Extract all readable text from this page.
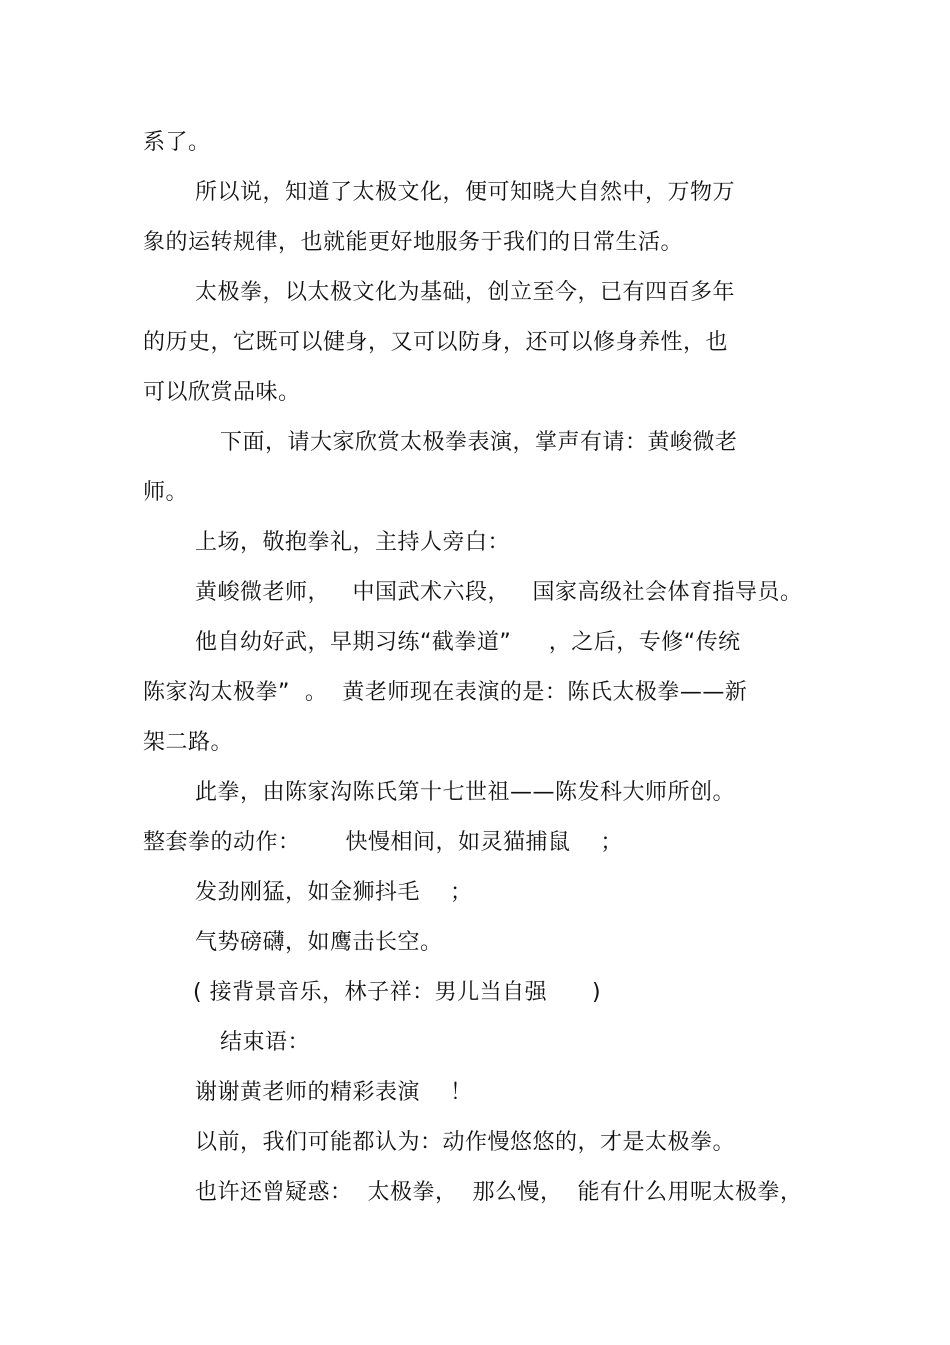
系了。
所以说，知道了太极文化，便可知晓大自然中，万物万
象的运转规律，也就能更好地服务于我们的日常生活。
太极拳，以太极文化为基础，创立至今，已有四百多年
的历史，它既可以健身，又可以防身，还可以修身养性，也
可以欣赏品味。
下面，请大家欣赏太极拳表演，掌声有请：黄峻微老
师。
上场，敬抱拳礼，主持人旁白：
黄峻微老师，   中国武术六段，   国家高级社会体育指导员。
他自幼好武，早期习练“截拳道”     ，之后，专修“传统
陈家沟太极拳”  。  黄老师现在表演的是：陈氏太极拳——新
架二路。
此拳，由陈家沟陈氏第十七世祖——陈发科大师所创。
整套拳的动作：      快慢相间，如灵猫捕鼠    ；
发劲刚猛，如金狮抖毛    ；
气势磅礴，如鹰击长空。
( 接背景音乐，林子祥：男儿当自强      )
结束语：
谢谢黄老师的精彩表演    ！
以前，我们可能都认为：动作慢悠悠的，才是太极拳。
也许还曾疑惑：  太极拳，  那么慢，  能有什么用呢太极拳，
